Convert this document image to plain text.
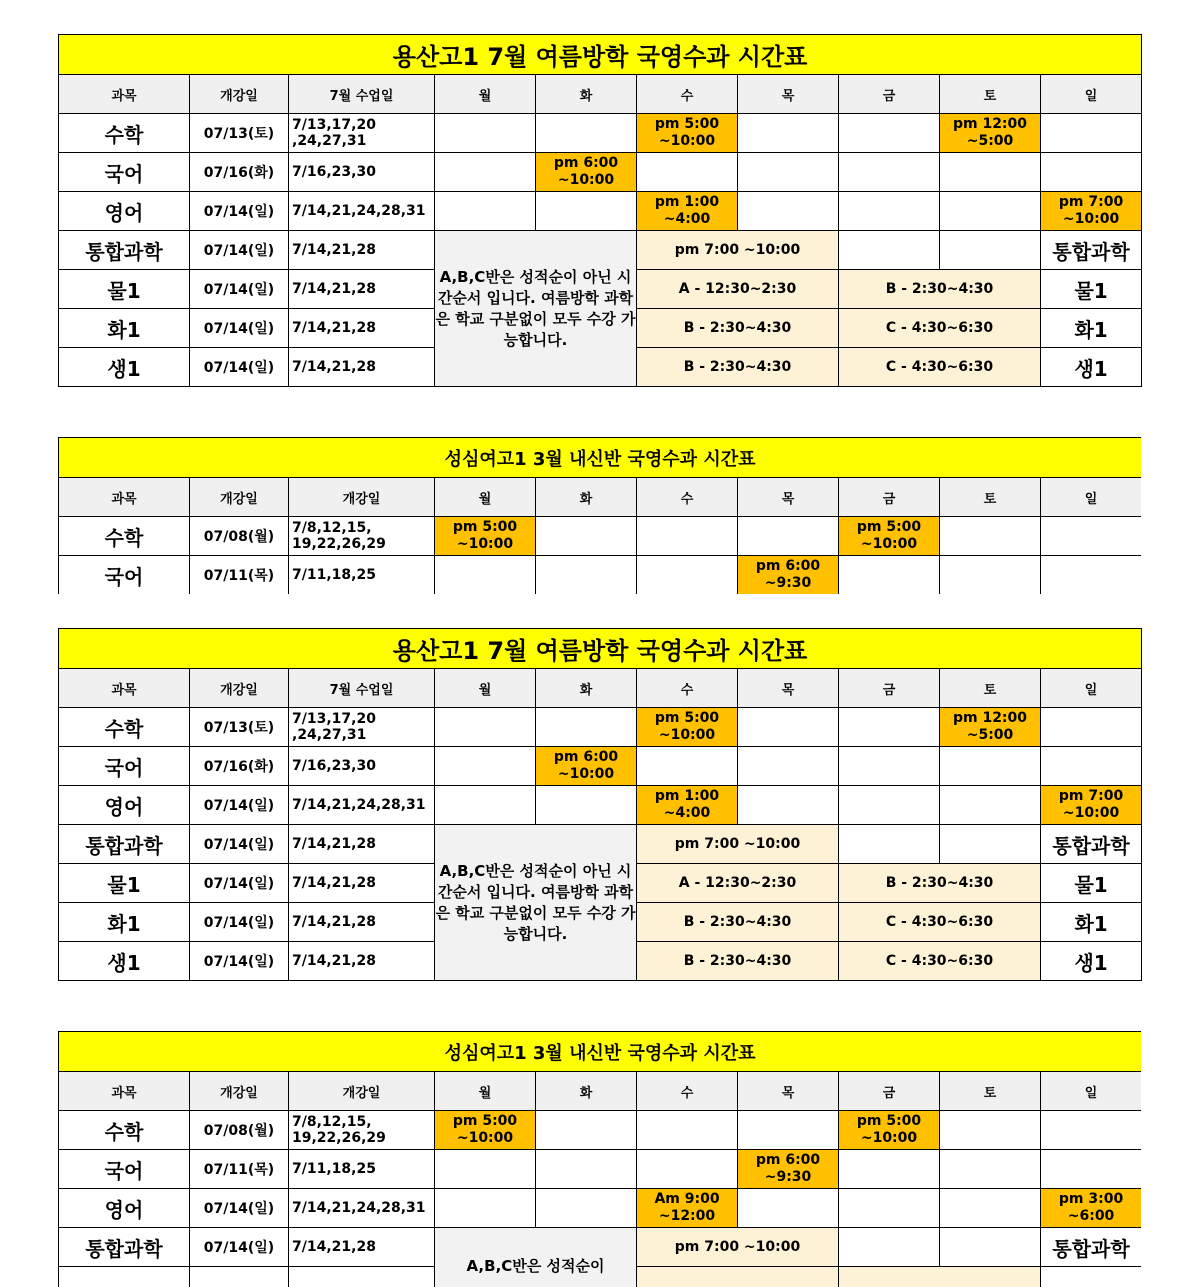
용산고1 7월 여름방학 국영수과 시간표									
과목	개강일	7월 수업일	월	화	수	목	금	토	일
수학	07/13(토)	7/13,17,20 ,24,27,31			pm 5:00 ~10:00			pm 12:00 ~5:00	
국어	07/16(화)	7/16,23,30		pm 6:00 ~10:00					
영어	07/14(일)	7/14,21,24,28,31			pm 1:00 ~4:00				pm 7:00 ~10:00
통합과학	07/14(일)	7/14,21,28	A,B,C반은 성적순이 아닌 시간순서 입니다. 여름방학 과학은 학교 구분없이 모두 수강 가능합니다.		pm 7:00 ~10:00				통합과학
물1	07/14(일)	7/14,21,28			A - 12:30~2:30		B - 2:30~4:30		물1
화1	07/14(일)	7/14,21,28			B - 2:30~4:30		C - 4:30~6:30		화1
생1	07/14(일)	7/14,21,28			B - 2:30~4:30		C - 4:30~6:30		생1
성심여고1 3월 내신반 국영수과 시간표									
과목	개강일	개강일	월	화	수	목	금	토	일
수학	07/08(월)	7/8,12,15, 19,22,26,29	pm 5:00 ~10:00				pm 5:00 ~10:00		
국어	07/11(목)	7/11,18,25				pm 6:00 ~9:30			
용산고1 7월 여름방학 국영수과 시간표									
과목	개강일	7월 수업일	월	화	수	목	금	토	일
수학	07/13(토)	7/13,17,20 ,24,27,31			pm 5:00 ~10:00			pm 12:00 ~5:00	
국어	07/16(화)	7/16,23,30		pm 6:00 ~10:00					
영어	07/14(일)	7/14,21,24,28,31			pm 1:00 ~4:00				pm 7:00 ~10:00
통합과학	07/14(일)	7/14,21,28	A,B,C반은 성적순이 아닌 시간순서 입니다. 여름방학 과학은 학교 구분없이 모두 수강 가능합니다.		pm 7:00 ~10:00				통합과학
물1	07/14(일)	7/14,21,28			A - 12:30~2:30		B - 2:30~4:30		물1
화1	07/14(일)	7/14,21,28			B - 2:30~4:30		C - 4:30~6:30		화1
생1	07/14(일)	7/14,21,28			B - 2:30~4:30		C - 4:30~6:30		생1
성심여고1 3월 내신반 국영수과 시간표									
과목	개강일	개강일	월	화	수	목	금	토	일
수학	07/08(월)	7/8,12,15, 19,22,26,29	pm 5:00 ~10:00				pm 5:00 ~10:00		
국어	07/11(목)	7/11,18,25				pm 6:00 ~9:30			
영어	07/14(일)	7/14,21,24,28,31			Am 9:00 ~12:00				pm 3:00 ~6:00
통합과학	07/14(일)	7/14,21,28	A,B,C반은 성적순이		pm 7:00 ~10:00				통합과학
